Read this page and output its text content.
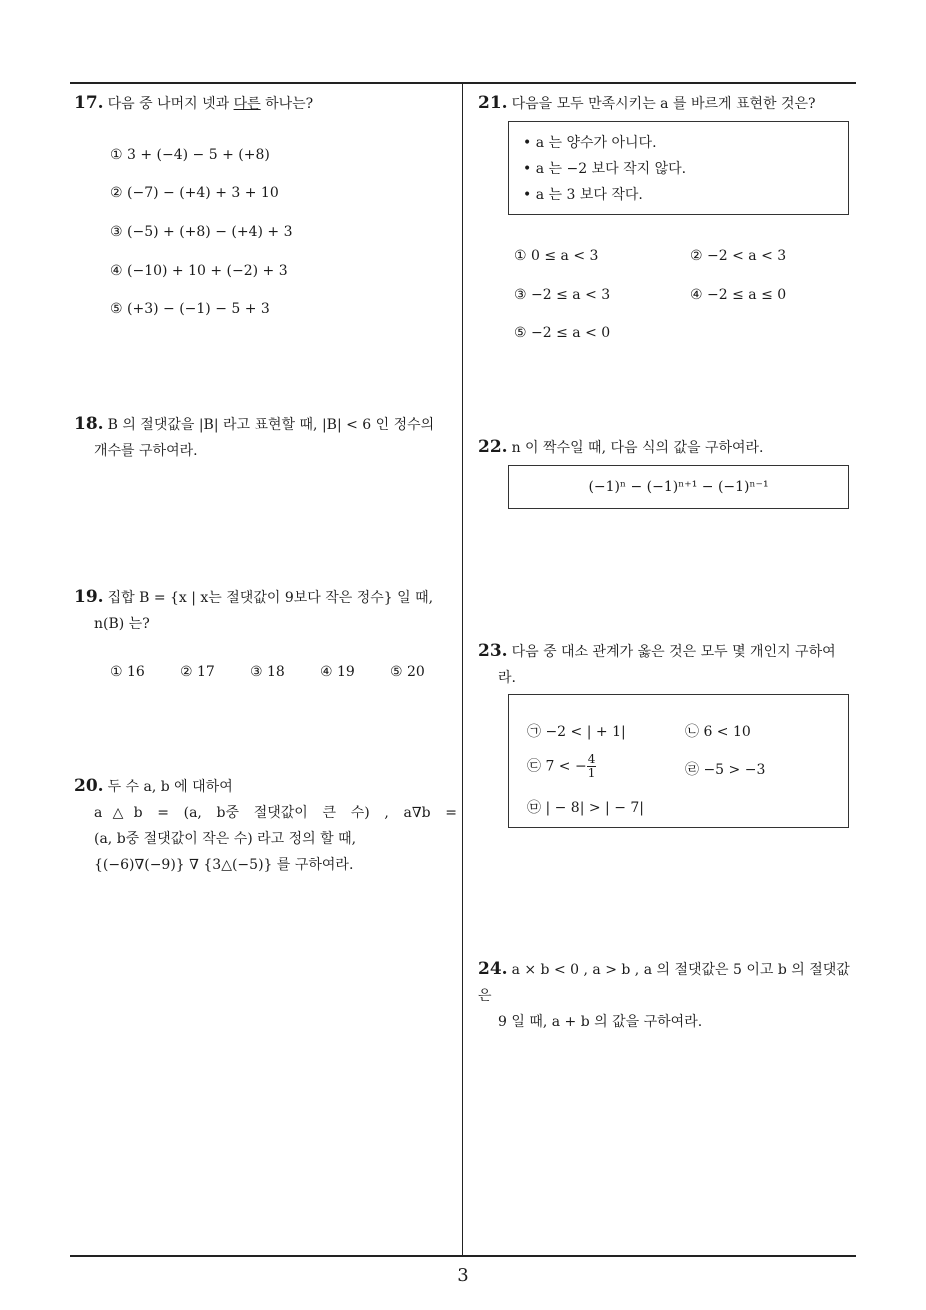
17. 다음 중 나머지 넷과 다른 하나는?
① 3 + (−4) − 5 + (+8)
② (−7) − (+4) + 3 + 10
③ (−5) + (+8) − (+4) + 3
④ (−10) + 10 + (−2) + 3
⑤ (+3) − (−1) − 5 + 3
18. B 의 절댓값을 |B| 라고 표현할 때, |B| < 6 인 정수의
개수를 구하여라.
19. 집합 B = {x | x는 절댓값이 9보다 작은 정수} 일 때,
n(B) 는?
① 16	② 17	③ 18	④ 19	⑤ 20
20. 두 수 a, b 에 대하여
a△b = (a, b중 절댓값이 큰 수) , a∇b =
(a, b중 절댓값이 작은 수) 라고 정의 할 때,
{(−6)∇(−9)} ∇ {3△(−5)} 를 구하여라.
21. 다음을 모두 만족시키는 a 를 바르게 표현한 것은?
• a 는 양수가 아니다.
• a 는 −2 보다 작지 않다.
• a 는 3 보다 작다.
① 0 ≤ a < 3	② −2 < a < 3
③ −2 ≤ a < 3	④ −2 ≤ a ≤ 0
⑤ −2 ≤ a < 0
22. n 이 짝수일 때, 다음 식의 값을 구하여라.
(−1)ⁿ − (−1)ⁿ⁺¹ − (−1)ⁿ⁻¹
23. 다음 중 대소 관계가 옳은 것은 모두 몇 개인지 구하여
라.
㉠ −2 < | + 1|	㉡ 6 < 10
㉢ 7 < − $\frac{4}{1}$	㉣ −5 > −3
㉤ | − 8| > | − 7|
24. a × b < 0 , a > b , a 의 절댓값은 5 이고 b 의 절댓값은
9 일 때, a + b 의 값을 구하여라.
3
